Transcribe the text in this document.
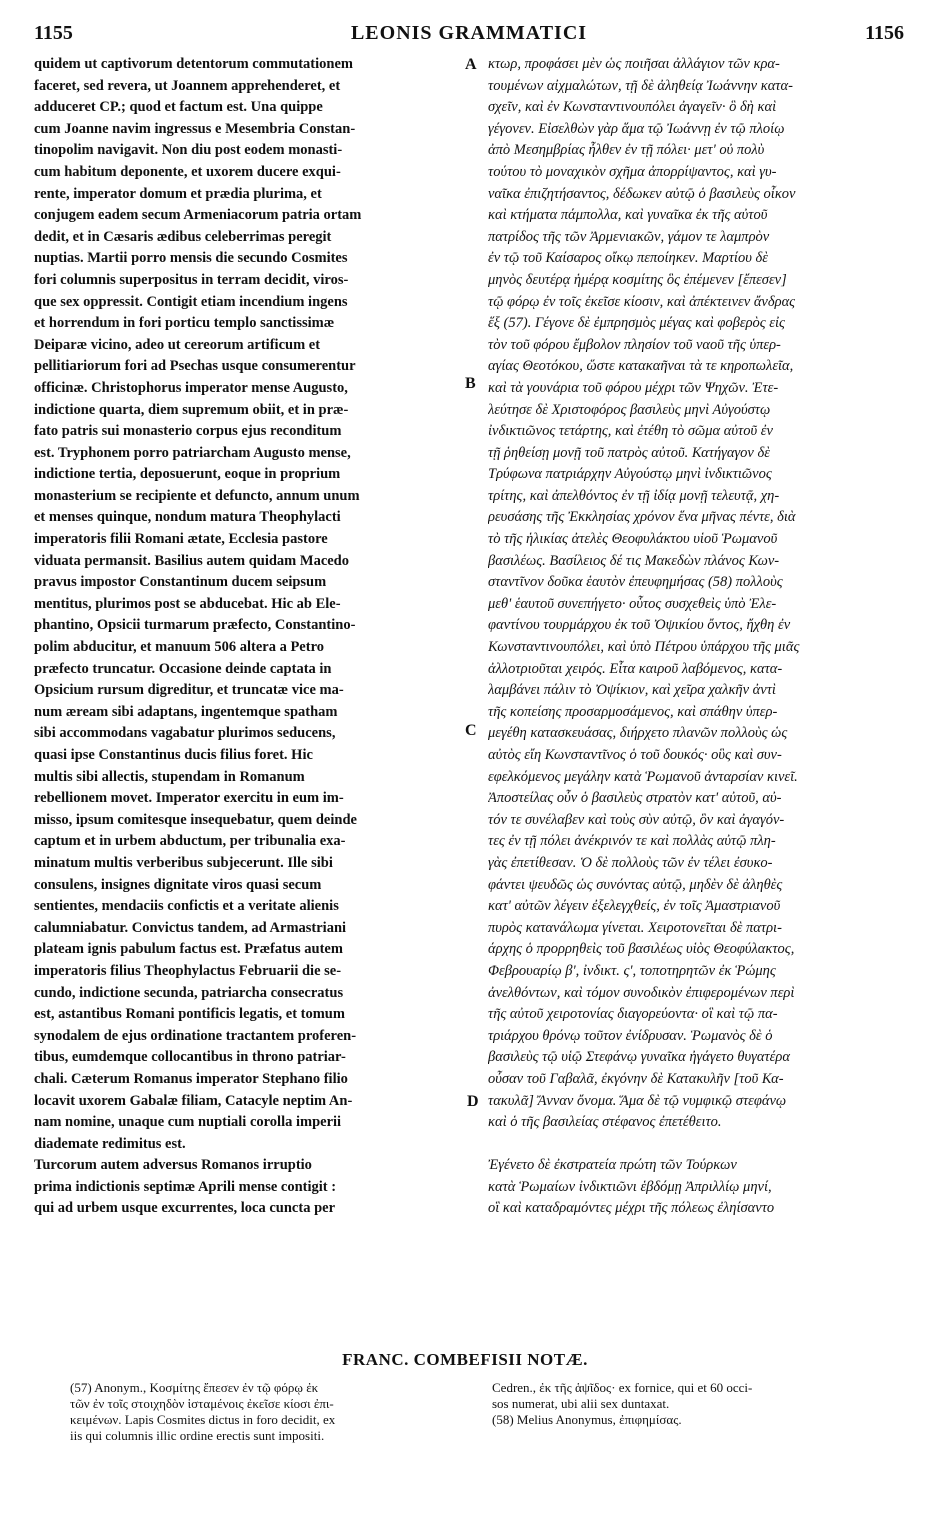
1155	LEONIS GRAMMATICI	1156
quidem ut captivorum detentorum commutationem
faceret, sed revera, ut Joannem apprehenderet, et
adduceret CP.; quod et factum est. Una quippe
cum Joanne navim ingressus e Mesembria Constan-
tinopolim navigavit. Non diu post eodem monasti-
cum habitum deponente, et uxorem ducere exqui-
rente, imperator domum et prædia plurima, et
conjugem eadem secum Armeniacorum patria ortam
dedit, et in Cæsaris ædibus celeberrimas peregit
nuptias. Martii porro mensis die secundo Cosmites
fori columnis superpositus in terram decidit, viros-
que sex oppressit. Contigit etiam incendium ingens
et horrendum in fori porticu templo sanctissimæ
Deiparæ vicino, adeo ut cereorum artificum et
pellitiariorum fori ad Psechas usque consumerentur
officinæ. Christophorus imperator mense Augusto,
indictione quarta, diem supremum obiit, et in præ-
fato patris sui monasterio corpus ejus reconditum
est. Tryphonem porro patriarcham Augusto mense,
indictione tertia, deposuerunt, eoque in proprium
monasterium se recipiente et defuncto, annum unum
et menses quinque, nondum matura Theophylacti
imperatoris filii Romani ætate, Ecclesia pastore
viduata permansit. Basilius autem quidam Macedo
pravus impostor Constantinum ducem seipsum
mentitus, plurimos post se abducebat. Hic ab Ele-
phantino, Opsicii turmarum præfecto, Constantino-
polim abducitur, et manuum 506 altera a Petro
præfecto truncatur. Occasione deinde captata in
Opsicium rursum digreditur, et truncatæ vice ma-
num æream sibi adaptans, ingentemque spatham
sibi accommodans vagabatur plurimos seducens,
quasi ipse Constantinus ducis filius foret. Hic
multis sibi allectis, stupendam in Romanum
rebellionem movet. Imperator exercitu in eum im-
misso, ipsum comitesque insequebatur, quem deinde
captum et in urbem abductum, per tribunalia exa-
minatum multis verberibus subjecerunt. Ille sibi
consulens, insignes dignitate viros quasi secum
sentientes, mendaciis confictis et a veritate alienis
calumniabatur. Convictus tandem, ad Armastriani
plateam ignis pabulum factus est. Præfatus autem
imperatoris filius Theophylactus Februarii die se-
cundo, indictione secunda, patriarcha consecratus
est, astantibus Romani pontificis legatis, et tomum
synodalem de ejus ordinatione tractantem proferen-
tibus, eumdemque collocantibus in throno patriar-
chali. Cæterum Romanus imperator Stephano filio
locavit uxorem Gabalæ filiam, Catacyle neptim An-
nam nomine, unaque cum nuptiali corolla imperii
diademate redimitus est.
Turcorum autem adversus Romanos irruptio
prima indictionis septimæ Aprili mense contigit :
qui ad urbem usque excurrentes, loca cuncta per
κτωρ, προφάσει μὲν ὡς ποιῆσαι ἀλλάγιον τῶν κρα-
τουμένων αἰχμαλώτων, τῇ δὲ ἀληθείᾳ Ἰωάννην κατα-
σχεῖν, καὶ ἐν Κωνσταντινουπόλει ἀγαγεῖν· ὃ δὴ καὶ
γέγονεν. Εἰσελθὼν γὰρ ἅμα τῷ Ἰωάννῃ ἐν τῷ πλοίῳ
ἀπὸ Μεσημβρίας ἦλθεν ἐν τῇ πόλει· μετ' οὐ πολὺ
τούτου τὸ μοναχικὸν σχῆμα ἀπορρίψαντος, καὶ γυ-
ναῖκα ἐπιζητήσαντος, δέδωκεν αὐτῷ ὁ βασιλεὺς οἶκον
καὶ κτήματα πάμπολλα, καὶ γυναῖκα ἐκ τῆς αὐτοῦ
πατρίδος τῆς τῶν Ἀρμενιακῶν, γάμον τε λαμπρὸν
ἐν τῷ τοῦ Καίσαρος οἴκῳ πεποίηκεν. Μαρτίου δὲ
μηνὸς δευτέρᾳ ἡμέρᾳ κοσμίτης ὃς ἐπέμενεν [ἔπεσεν]
τῷ φόρῳ ἐν τοῖς ἐκεῖσε κίοσιν, καὶ ἀπέκτεινεν ἄνδρας
ἕξ (57). Γέγονε δὲ ἐμπρησμὸς μέγας καὶ φοβερὸς εἰς
τὸν τοῦ φόρου ἔμβολον πλησίον τοῦ ναοῦ τῆς ὑπερ-
αγίας Θεοτόκου, ὥστε κατακαῆναι τὰ τε κηροπωλεῖα,
καὶ τὰ γουνάρια τοῦ φόρου μέχρι τῶν Ψηχῶν. Ἐτε-
λεύτησε δὲ Χριστοφόρος βασιλεὺς μηνὶ Αὐγούστῳ
ἰνδικτιῶνος τετάρτης, καὶ ἐτέθη τὸ σῶμα αὐτοῦ ἐν
τῇ ῥηθείσῃ μονῇ τοῦ πατρὸς αὐτοῦ. Κατήγαγον δὲ
Τρύφωνα πατριάρχην Αὐγούστῳ μηνὶ ἰνδικτιῶνος
τρίτης, καὶ ἀπελθόντος ἐν τῇ ἰδίᾳ μονῇ τελευτᾷ, χη-
ρευσάσης τῆς Ἐκκλησίας χρόνον ἕνα μῆνας πέντε, διὰ
τὸ τῆς ἡλικίας ἀτελὲς Θεοφυλάκτου υἱοῦ Ῥωμανοῦ
βασιλέως. Βασίλειος δέ τις Μακεδὼν πλάνος Κων-
σταντῖνον δοῦκα ἑαυτὸν ἐπευφημήσας (58) πολλοὺς
μεθ' ἑαυτοῦ συνεπήγετο· οὗτος συσχεθεὶς ὑπὸ Ἐλε-
φαντίνου τουρμάρχου ἐκ τοῦ Ὀψικίου ὄντος, ἤχθη ἐν
Κωνσταντινουπόλει, καὶ ὑπὸ Πέτρου ὑπάρχου τῆς μιᾶς
ἀλλοτριοῦται χειρός. Εἶτα καιροῦ λαβόμενος, κατα-
λαμβάνει πάλιν τὸ Ὀψίκιον, καὶ χεῖρα χαλκῆν ἀντὶ
τῆς κοπείσης προσαρμοσάμενος, καὶ σπάθην ὑπερ-
μεγέθη κατασκευάσας, διήρχετο πλανῶν πολλοὺς ὡς
αὐτὸς εἴη Κωνσταντῖνος ὁ τοῦ δουκός· οὓς καὶ συν-
εφελκόμενος μεγάλην κατὰ Ῥωμανοῦ ἀνταρσίαν κινεῖ.
Ἀποστείλας οὖν ὁ βασιλεὺς στρατὸν κατ' αὐτοῦ, αὐ-
τόν τε συνέλαβεν καὶ τοὺς σὺν αὐτῷ, ὃν καὶ ἀγαγόν-
τες ἐν τῇ πόλει ἀνέκρινόν τε καὶ πολλὰς αὐτῷ πλη-
γὰς ἐπετίθεσαν. Ὁ δὲ πολλοὺς τῶν ἐν τέλει ἐσυκο-
φάντει ψευδῶς ὡς συνόντας αὐτῷ, μηδὲν δὲ ἀληθὲς
κατ' αὐτῶν λέγειν ἐξελεγχθείς, ἐν τοῖς Ἀμαστριανοῦ
πυρὸς κατανάλωμα γίνεται. Χειροτονεῖται δὲ πατρι-
άρχης ὁ προρρηθεὶς τοῦ βασιλέως υἱὸς Θεοφύλακτος,
Φεβρουαρίῳ β', ἰνδικτ. ς', τοποτηρητῶν ἐκ Ῥώμης
ἀνελθόντων, καὶ τόμον συνοδικὸν ἐπιφερομένων περὶ
τῆς αὐτοῦ χειροτονίας διαγορεύοντα· οἳ καὶ τῷ πα-
τριάρχου θρόνῳ τοῦτον ἐνίδρυσαν. Ῥωμανὸς δὲ ὁ
βασιλεὺς τῷ υἱῷ Στεφάνῳ γυναῖκα ἠγάγετο θυγατέρα
οὖσαν τοῦ Γαβαλᾶ, ἐκγόνην δὲ Κατακυλῆν [τοῦ Κα-
τακυλᾶ] Ἄνναν ὄνομα. Ἅμα δὲ τῷ νυμφικῷ στεφάνῳ
καὶ ὁ τῆς βασιλείας στέφανος ἐπετέθειτο.
Ἐγένετο δὲ ἐκστρατεία πρώτη τῶν Τούρκων
κατὰ Ῥωμαίων ἰνδικτιῶνι ἑβδόμῃ Ἀπριλλίῳ μηνί,
οἳ καὶ καταδραμόντες μέχρι τῆς πόλεως ἐληίσαντο
A
B
C
D
FRANC. COMBEFISII NOTÆ.
(57) Anonym., Κοσμίτης ἔπεσεν ἐν τῷ φόρῳ ἐκ
τῶν ἐν τοῖς στοιχηδὸν ἱσταμένοις ἐκεῖσε κίοσι ἐπι-
κειμένων. Lapis Cosmites dictus in foro decidit, ex
iis qui columnis illic ordine erectis sunt impositi.
Cedren., ἐκ τῆς ἁψῖδος· ex fornice, qui et 60 occi-
sos numerat, ubi alii sex duntaxat.
(58) Melius Anonymus, ἐπιφημίσας.
